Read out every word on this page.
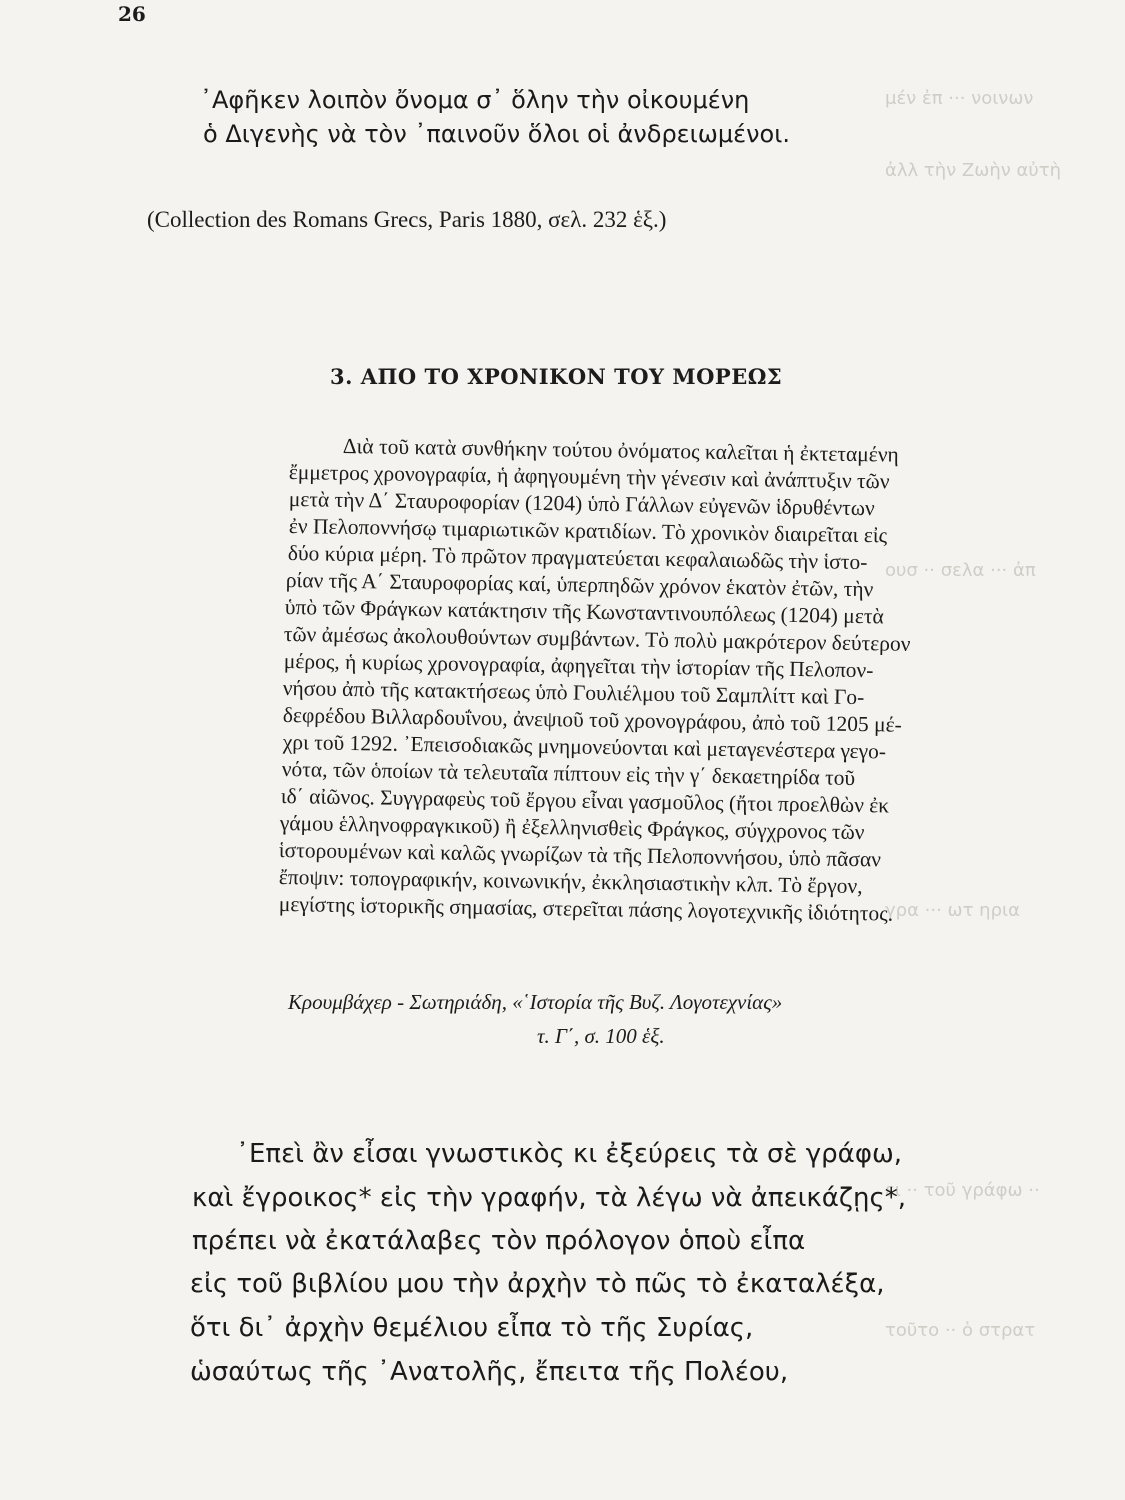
26
μέν ἐπ ··· νοινων
ἀλλ τὴν Ζωὴν αὐτὴ
ουσ ·· σελα ··· ἀπ
γρα ··· ωτ ηρια
ει ·· τοῦ γράφω ··
τοῦτο ·· ὁ στρατ
᾿Αφῆκεν λοιπὸν ὄνομα σ᾿ ὅλην τὴν οἰκουμένη
ὁ Διγενὴς νὰ τὸν ᾿παινοῦν ὅλοι οἱ ἀνδρειωμένοι.
(Collection des Romans Grecs, Paris 1880, σελ. 232 ἑξ.)
3. ΑΠΟ ΤΟ ΧΡΟΝΙΚΟΝ ΤΟΥ ΜΟΡΕΩΣ
Διὰ τοῦ κατὰ συνθήκην τούτου ὀνόματος καλεῖται ἡ ἐκτεταμένη
ἔμμετρος χρονογραφία, ἡ ἀφηγουμένη τὴν γένεσιν καὶ ἀνάπτυξιν τῶν
μετὰ τὴν Δ΄ Σταυροφορίαν (1204) ὑπὸ Γάλλων εὐγενῶν ἱδρυθέντων
ἐν Πελοποννήσῳ τιμαριωτικῶν κρατιδίων. Τὸ χρονικὸν διαιρεῖται εἰς
δύο κύρια μέρη. Τὸ πρῶτον πραγματεύεται κεφαλαιωδῶς τὴν ἱστο-
ρίαν τῆς Α΄ Σταυροφορίας καί, ὑπερπηδῶν χρόνον ἑκατὸν ἐτῶν, τὴν
ὑπὸ τῶν Φράγκων κατάκτησιν τῆς Κωνσταντινουπόλεως (1204) μετὰ
τῶν ἀμέσως ἀκολουθούντων συμβάντων. Τὸ πολὺ μακρότερον δεύτερον
μέρος, ἡ κυρίως χρονογραφία, ἀφηγεῖται τὴν ἱστορίαν τῆς Πελοπον-
νήσου ἀπὸ τῆς κατακτήσεως ὑπὸ Γουλιέλμου τοῦ Σαμπλίττ καὶ Γο-
δεφρέδου Βιλλαρδουΐνου, ἀνεψιοῦ τοῦ χρονογράφου, ἀπὸ τοῦ 1205 μέ-
χρι τοῦ 1292. ᾿Επεισοδιακῶς μνημονεύονται καὶ μεταγενέστερα γεγο-
νότα, τῶν ὁποίων τὰ τελευταῖα πίπτουν εἰς τὴν γ΄ δεκαετηρίδα τοῦ
ιδ΄ αἰῶνος. Συγγραφεὺς τοῦ ἔργου εἶναι γασμοῦλος (ἤτοι προελθὼν ἐκ
γάμου ἑλληνοφραγκικοῦ) ἢ ἐξελληνισθεὶς Φράγκος, σύγχρονος τῶν
ἱστορουμένων καὶ καλῶς γνωρίζων τὰ τῆς Πελοποννήσου, ὑπὸ πᾶσαν
ἔποψιν: τοπογραφικήν, κοινωνικήν, ἐκκλησιαστικὴν κλπ. Τὸ ἔργον,
μεγίστης ἱστορικῆς σημασίας, στερεῖται πάσης λογοτεχνικῆς ἰδιότητος.
Κρουμβάχερ - Σωτηριάδη, «῾Ιστορία τῆς Βυζ. Λογοτεχνίας»
τ. Γ΄, σ. 100 ἑξ.
᾿Επεὶ ἂν εἶσαι γνωστικὸς κι ἐξεύρεις τὰ σὲ γράφω,
καὶ ἔγροικος* εἰς τὴν γραφήν, τὰ λέγω νὰ ἀπεικάζῃς*,
πρέπει νὰ ἐκατάλαβες τὸν πρόλογον ὁποὺ εἶπα
εἰς τοῦ βιβλίου μου τὴν ἀρχὴν τὸ πῶς τὸ ἐκαταλέξα,
ὅτι δι᾿ ἀρχὴν θεμέλιου εἶπα τὸ τῆς Συρίας,
ὡσαύτως τῆς ᾿Ανατολῆς, ἔπειτα τῆς Πολέου,
